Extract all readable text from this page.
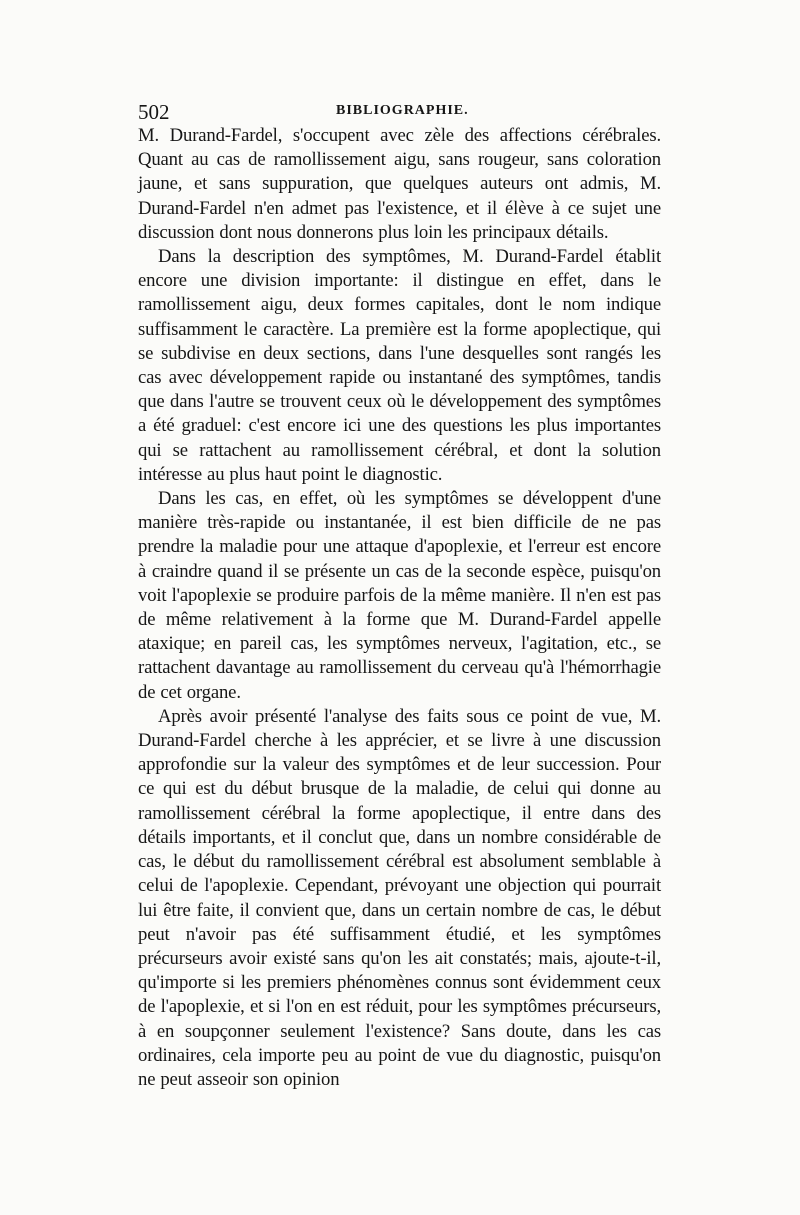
502	BIBLIOGRAPHIE.

M. Durand-Fardel, s'occupent avec zèle des affections cérébrales. Quant au cas de ramollissement aigu, sans rougeur, sans coloration jaune, et sans suppuration, que quelques auteurs ont admis, M. Durand-Fardel n'en admet pas l'existence, et il élève à ce sujet une discussion dont nous donnerons plus loin les principaux détails.

Dans la description des symptômes, M. Durand-Fardel établit encore une division importante: il distingue en effet, dans le ramollissement aigu, deux formes capitales, dont le nom indique suffisamment le caractère. La première est la forme apoplectique, qui se subdivise en deux sections, dans l'une desquelles sont rangés les cas avec développement rapide ou instantané des symptômes, tandis que dans l'autre se trouvent ceux où le développement des symptômes a été graduel: c'est encore ici une des questions les plus importantes qui se rattachent au ramollissement cérébral, et dont la solution intéresse au plus haut point le diagnostic.

Dans les cas, en effet, où les symptômes se développent d'une manière très-rapide ou instantanée, il est bien difficile de ne pas prendre la maladie pour une attaque d'apoplexie, et l'erreur est encore à craindre quand il se présente un cas de la seconde espèce, puisqu'on voit l'apoplexie se produire parfois de la même manière. Il n'en est pas de même relativement à la forme que M. Durand-Fardel appelle ataxique; en pareil cas, les symptômes nerveux, l'agitation, etc., se rattachent davantage au ramollissement du cerveau qu'à l'hémorrhagie de cet organe.

Après avoir présenté l'analyse des faits sous ce point de vue, M. Durand-Fardel cherche à les apprécier, et se livre à une discussion approfondie sur la valeur des symptômes et de leur succession. Pour ce qui est du début brusque de la maladie, de celui qui donne au ramollissement cérébral la forme apoplectique, il entre dans des détails importants, et il conclut que, dans un nombre considérable de cas, le début du ramollissement cérébral est absolument semblable à celui de l'apoplexie. Cependant, prévoyant une objection qui pourrait lui être faite, il convient que, dans un certain nombre de cas, le début peut n'avoir pas été suffisamment étudié, et les symptômes précurseurs avoir existé sans qu'on les ait constatés; mais, ajoute-t-il, qu'importe si les premiers phénomènes connus sont évidemment ceux de l'apoplexie, et si l'on en est réduit, pour les symptômes précurseurs, à en soupçonner seulement l'existence? Sans doute, dans les cas ordinaires, cela importe peu au point de vue du diagnostic, puisqu'on ne peut asseoir son opinion
